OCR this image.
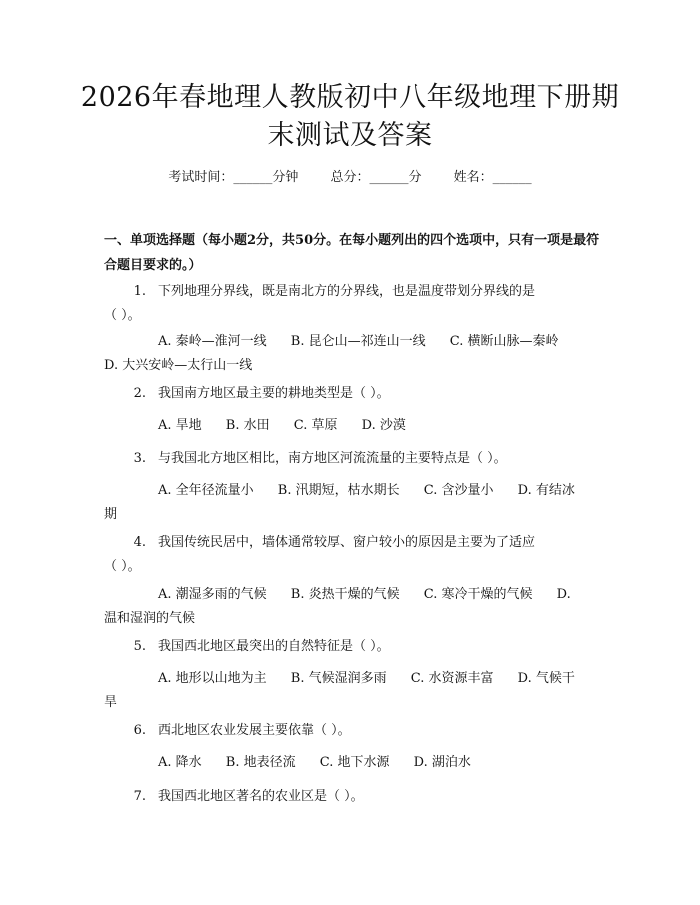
2026年春地理人教版初中八年级地理下册期
末测试及答案
考试时间：______分钟 总分：______分 姓名：______
一、单项选择题（每小题2分，共50分。在每小题列出的四个选项中，只有一项是最符合题目要求的。）
1. 下列地理分界线，既是南北方的分界线，也是温度带划分界线的是
（ ）。
A. 秦岭—淮河一线 B. 昆仑山—祁连山一线 C. 横断山脉—秦岭
D. 大兴安岭—太行山一线
2. 我国南方地区最主要的耕地类型是（ ）。
A. 旱地 B. 水田 C. 草原 D. 沙漠
3. 与我国北方地区相比，南方地区河流流量的主要特点是（ ）。
A. 全年径流量小 B. 汛期短，枯水期长 C. 含沙量小 D. 有结冰
期
4. 我国传统民居中，墙体通常较厚、窗户较小的原因是主要为了适应
（ ）。
A. 潮湿多雨的气候 B. 炎热干燥的气候 C. 寒冷干燥的气候 D.
温和湿润的气候
5. 我国西北地区最突出的自然特征是（ ）。
A. 地形以山地为主 B. 气候湿润多雨 C. 水资源丰富 D. 气候干
旱
6. 西北地区农业发展主要依靠（ ）。
A. 降水 B. 地表径流 C. 地下水源 D. 湖泊水
7. 我国西北地区著名的农业区是（ ）。
